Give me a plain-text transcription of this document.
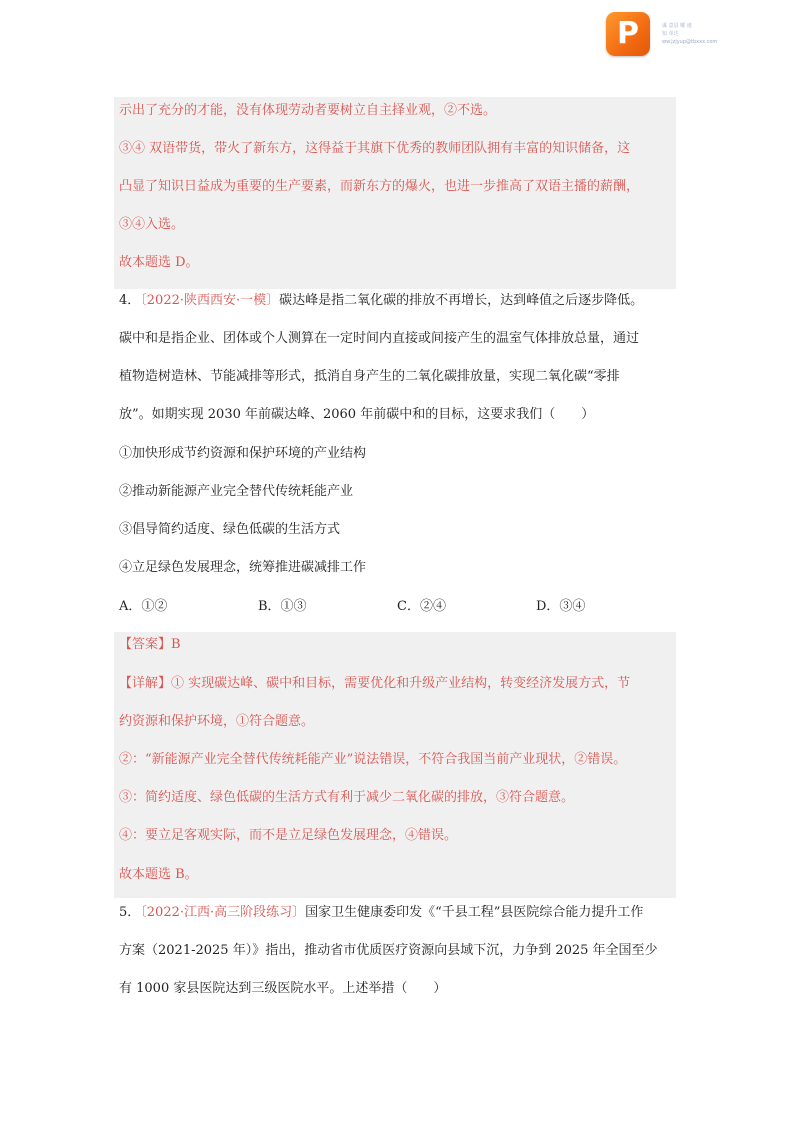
P	谋 意县 曜 速
知 单达
ww.jzjyup@tbxxx.com
示出了充分的才能，没有体现劳动者要树立自主择业观，②不选。
③④ 双语带货，带火了新东方，这得益于其旗下优秀的教师团队拥有丰富的知识储备，这
凸显了知识日益成为重要的生产要素，而新东方的爆火，也进一步推高了双语主播的薪酬，
③④入选。
故本题选 D。
4．〔2022·陕西西安·一模〕碳达峰是指二氧化碳的排放不再增长，达到峰值之后逐步降低。
碳中和是指企业、团体或个人测算在一定时间内直接或间接产生的温室气体排放总量，通过
植物造树造林、节能减排等形式，抵消自身产生的二氧化碳排放量，实现二氧化碳“零排
放”。如期实现 2030 年前碳达峰、2060 年前碳中和的目标，这要求我们（　　）
①加快形成节约资源和保护环境的产业结构
②推动新能源产业完全替代传统耗能产业
③倡导简约适度、绿色低碳的生活方式
④立足绿色发展理念，统筹推进碳减排工作
A．①②	B．①③	C．②④	D．③④
【答案】B
【详解】① 实现碳达峰、碳中和目标，需要优化和升级产业结构，转变经济发展方式，节
约资源和保护环境，①符合题意。
②：“新能源产业完全替代传统耗能产业”说法错误，不符合我国当前产业现状，②错误。
③：简约适度、绿色低碳的生活方式有利于减少二氧化碳的排放，③符合题意。
④：要立足客观实际，而不是立足绿色发展理念，④错误。
故本题选 B。
5．〔2022·江西·高三阶段练习〕国家卫生健康委印发《“千县工程”县医院综合能力提升工作
方案（2021-2025 年）》指出，推动省市优质医疗资源向县域下沉，力争到 2025 年全国至少
有 1000 家县医院达到三级医院水平。上述举措（　　）
